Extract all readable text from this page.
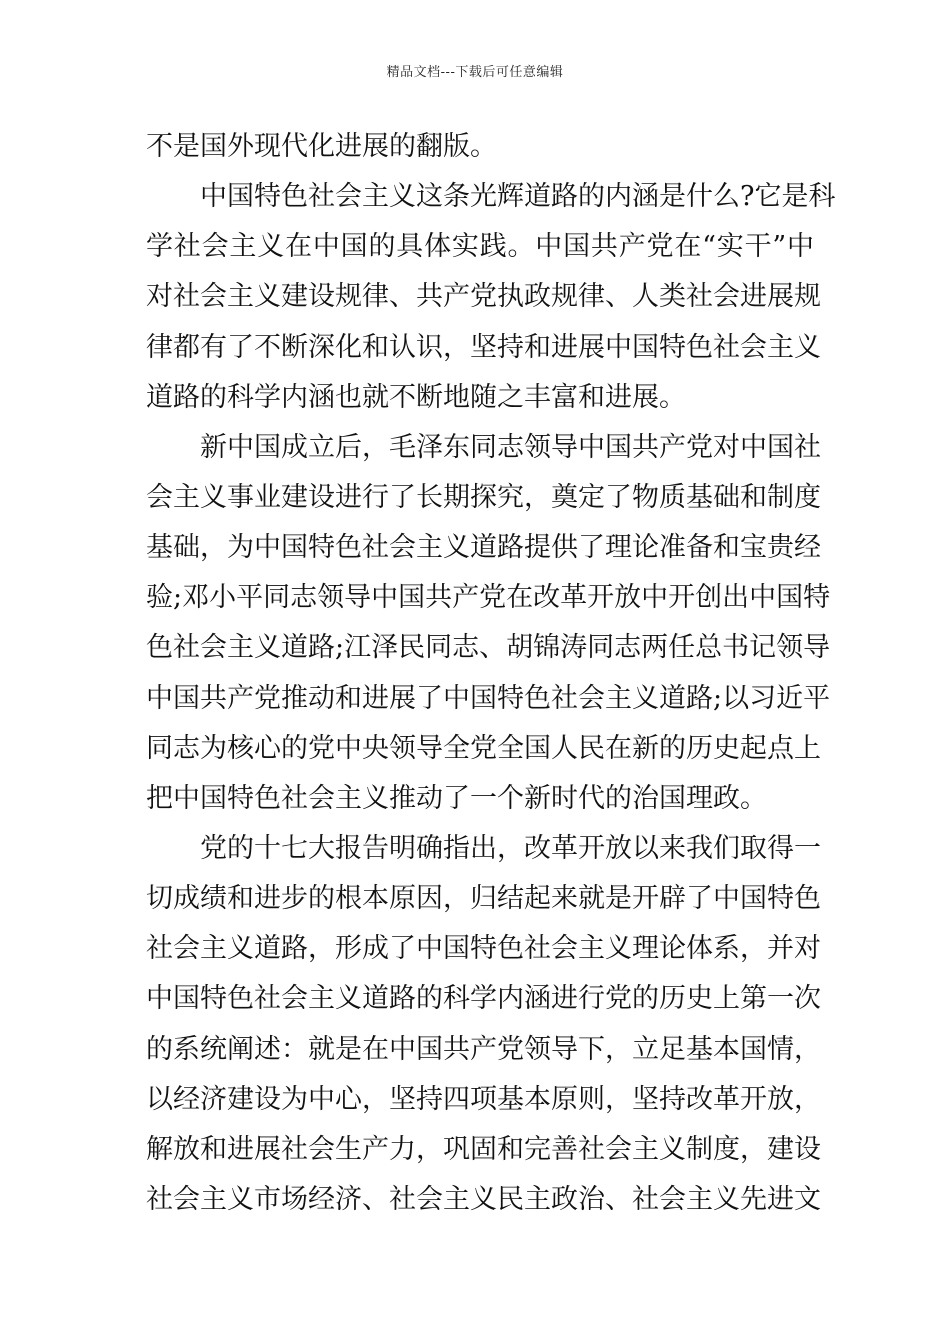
精品文档---下载后可任意编辑
不是国外现代化进展的翻版。
中国特色社会主义这条光辉道路的内涵是什么?它是科
学社会主义在中国的具体实践。中国共产党在“实干”中
对社会主义建设规律、共产党执政规律、人类社会进展规
律都有了不断深化和认识，坚持和进展中国特色社会主义
道路的科学内涵也就不断地随之丰富和进展。
新中国成立后，毛泽东同志领导中国共产党对中国社
会主义事业建设进行了长期探究，奠定了物质基础和制度
基础，为中国特色社会主义道路提供了理论准备和宝贵经
验;邓小平同志领导中国共产党在改革开放中开创出中国特
色社会主义道路;江泽民同志、胡锦涛同志两任总书记领导
中国共产党推动和进展了中国特色社会主义道路;以习近平
同志为核心的党中央领导全党全国人民在新的历史起点上
把中国特色社会主义推动了一个新时代的治国理政。
党的十七大报告明确指出，改革开放以来我们取得一
切成绩和进步的根本原因，归结起来就是开辟了中国特色
社会主义道路，形成了中国特色社会主义理论体系，并对
中国特色社会主义道路的科学内涵进行党的历史上第一次
的系统阐述：就是在中国共产党领导下，立足基本国情，
以经济建设为中心，坚持四项基本原则，坚持改革开放，
解放和进展社会生产力，巩固和完善社会主义制度，建设
社会主义市场经济、社会主义民主政治、社会主义先进文
